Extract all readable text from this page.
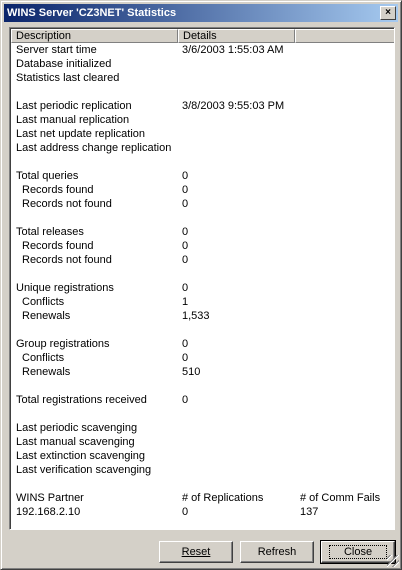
WINS Server 'CZ3NET' Statistics	×
Description	Details
Server start time	3/6/2003 1:55:03 AM
Database initialized
Statistics last cleared
Last periodic replication	3/8/2003 9:55:03 PM
Last manual replication
Last net update replication
Last address change replication
Total queries	0
Records found	0
Records not found	0
Total releases	0
Records found	0
Records not found	0
Unique registrations	0
Conflicts	1
Renewals	1,533
Group registrations	0
Conflicts	0
Renewals	510
Total registrations received	0
Last periodic scavenging
Last manual scavenging
Last extinction scavenging
Last verification scavenging
WINS Partner	# of Replications	# of Comm Fails
192.168.2.10	0	137
Reset	Refresh	Close
